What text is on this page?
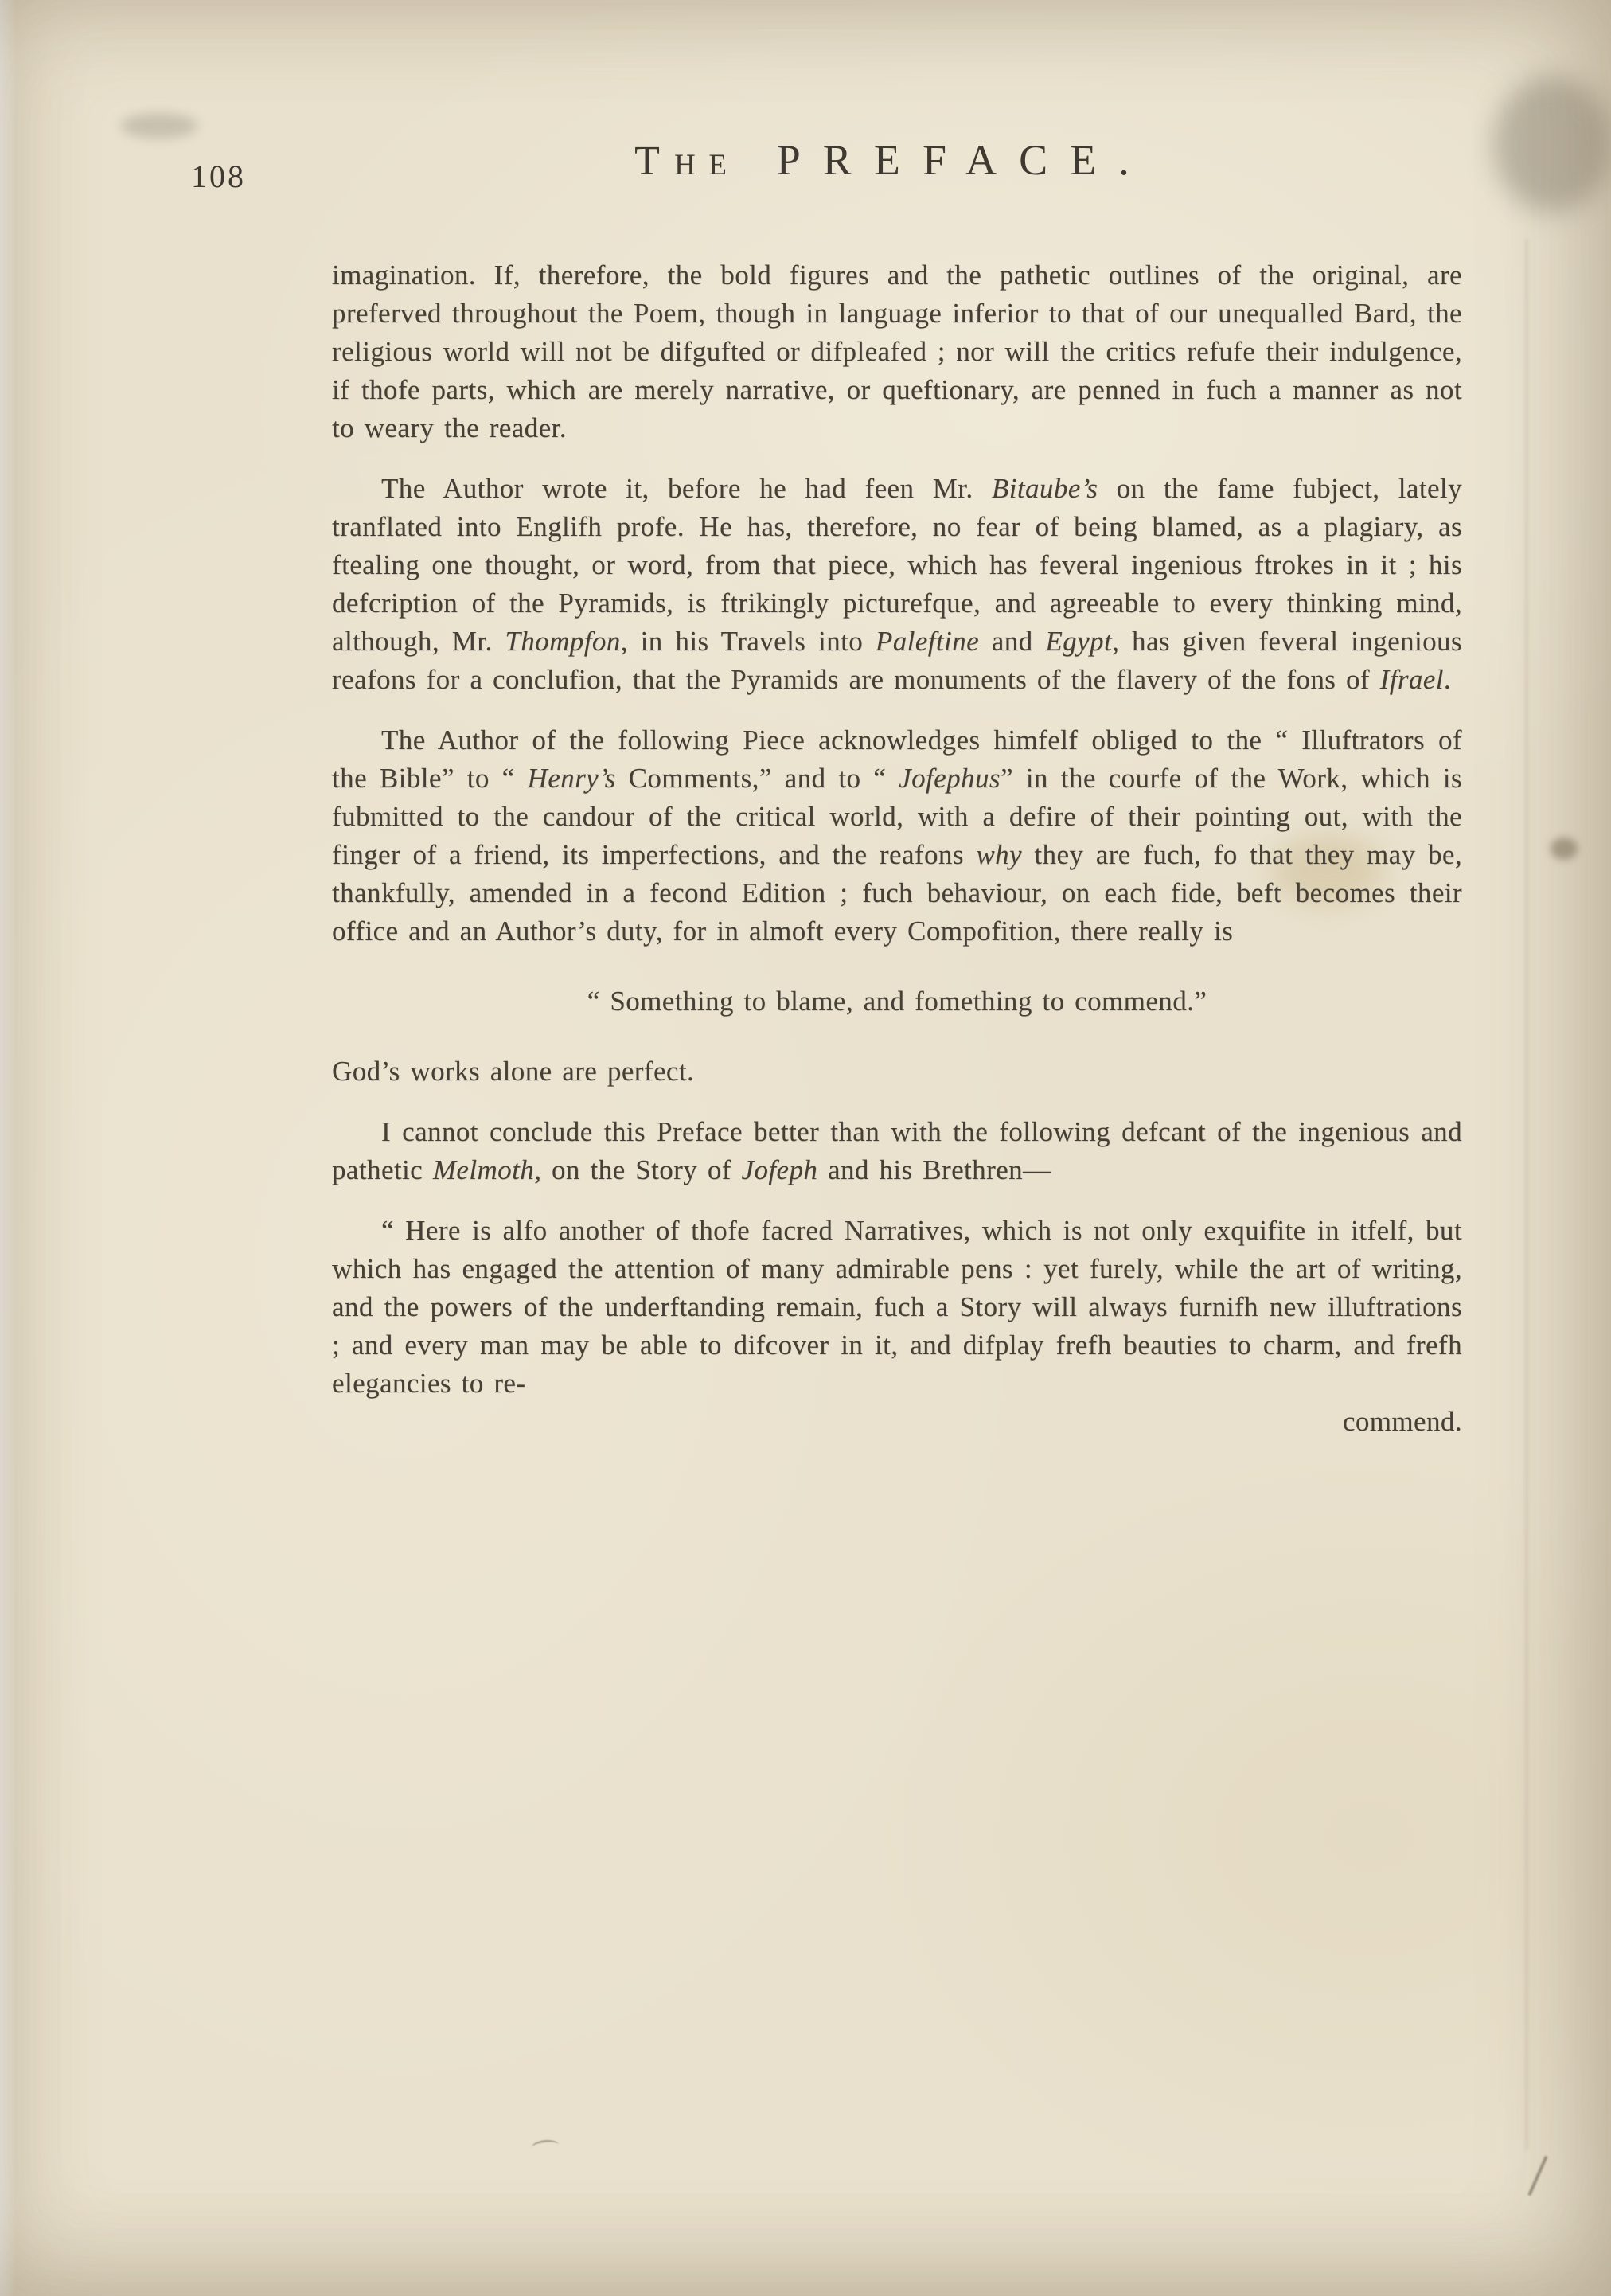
108	THE PREFACE.

imagination. If, therefore, the bold figures and the pathetic outlines of the original, are preferved throughout the Poem, though in language inferior to that of our unequalled Bard, the religious world will not be difgufted or difpleafed ; nor will the critics refufe their indulgence, if thofe parts, which are merely narrative, or queftionary, are penned in fuch a manner as not to weary the reader.

The Author wrote it, before he had feen Mr. Bitaube’s on the fame fubject, lately tranflated into Englifh profe. He has, therefore, no fear of being blamed, as a plagiary, as ftealing one thought, or word, from that piece, which has feveral ingenious ftrokes in it ; his defcription of the Pyramids, is ftrikingly picturefque, and agreeable to every thinking mind, although, Mr. Thompfon, in his Travels into Paleftine and Egypt, has given feveral ingenious reafons for a conclufion, that the Pyramids are monuments of the flavery of the fons of Ifrael.

The Author of the following Piece acknowledges himfelf obliged to the “ Illuftrators of the Bible” to “ Henry’s Comments,” and to “ Jofephus” in the courfe of the Work, which is fubmitted to the candour of the critical world, with a defire of their pointing out, with the finger of a friend, its imperfections, and the reafons why they are fuch, fo that they may be, thankfully, amended in a fecond Edition ; fuch behaviour, on each fide, beft becomes their office and an Author’s duty, for in almoft every Compofition, there really is

“ Something to blame, and fomething to commend.”

God’s works alone are perfect.

I cannot conclude this Preface better than with the following defcant of the ingenious and pathetic Melmoth, on the Story of Jofeph and his Brethren—

“ Here is alfo another of thofe facred Narratives, which is not only exquifite in itfelf, but which has engaged the attention of many admirable pens : yet furely, while the art of writing, and the powers of the underftanding remain, fuch a Story will always furnifh new illuftrations ; and every man may be able to difcover in it, and difplay frefh beauties to charm, and frefh elegancies to re-

commend.
